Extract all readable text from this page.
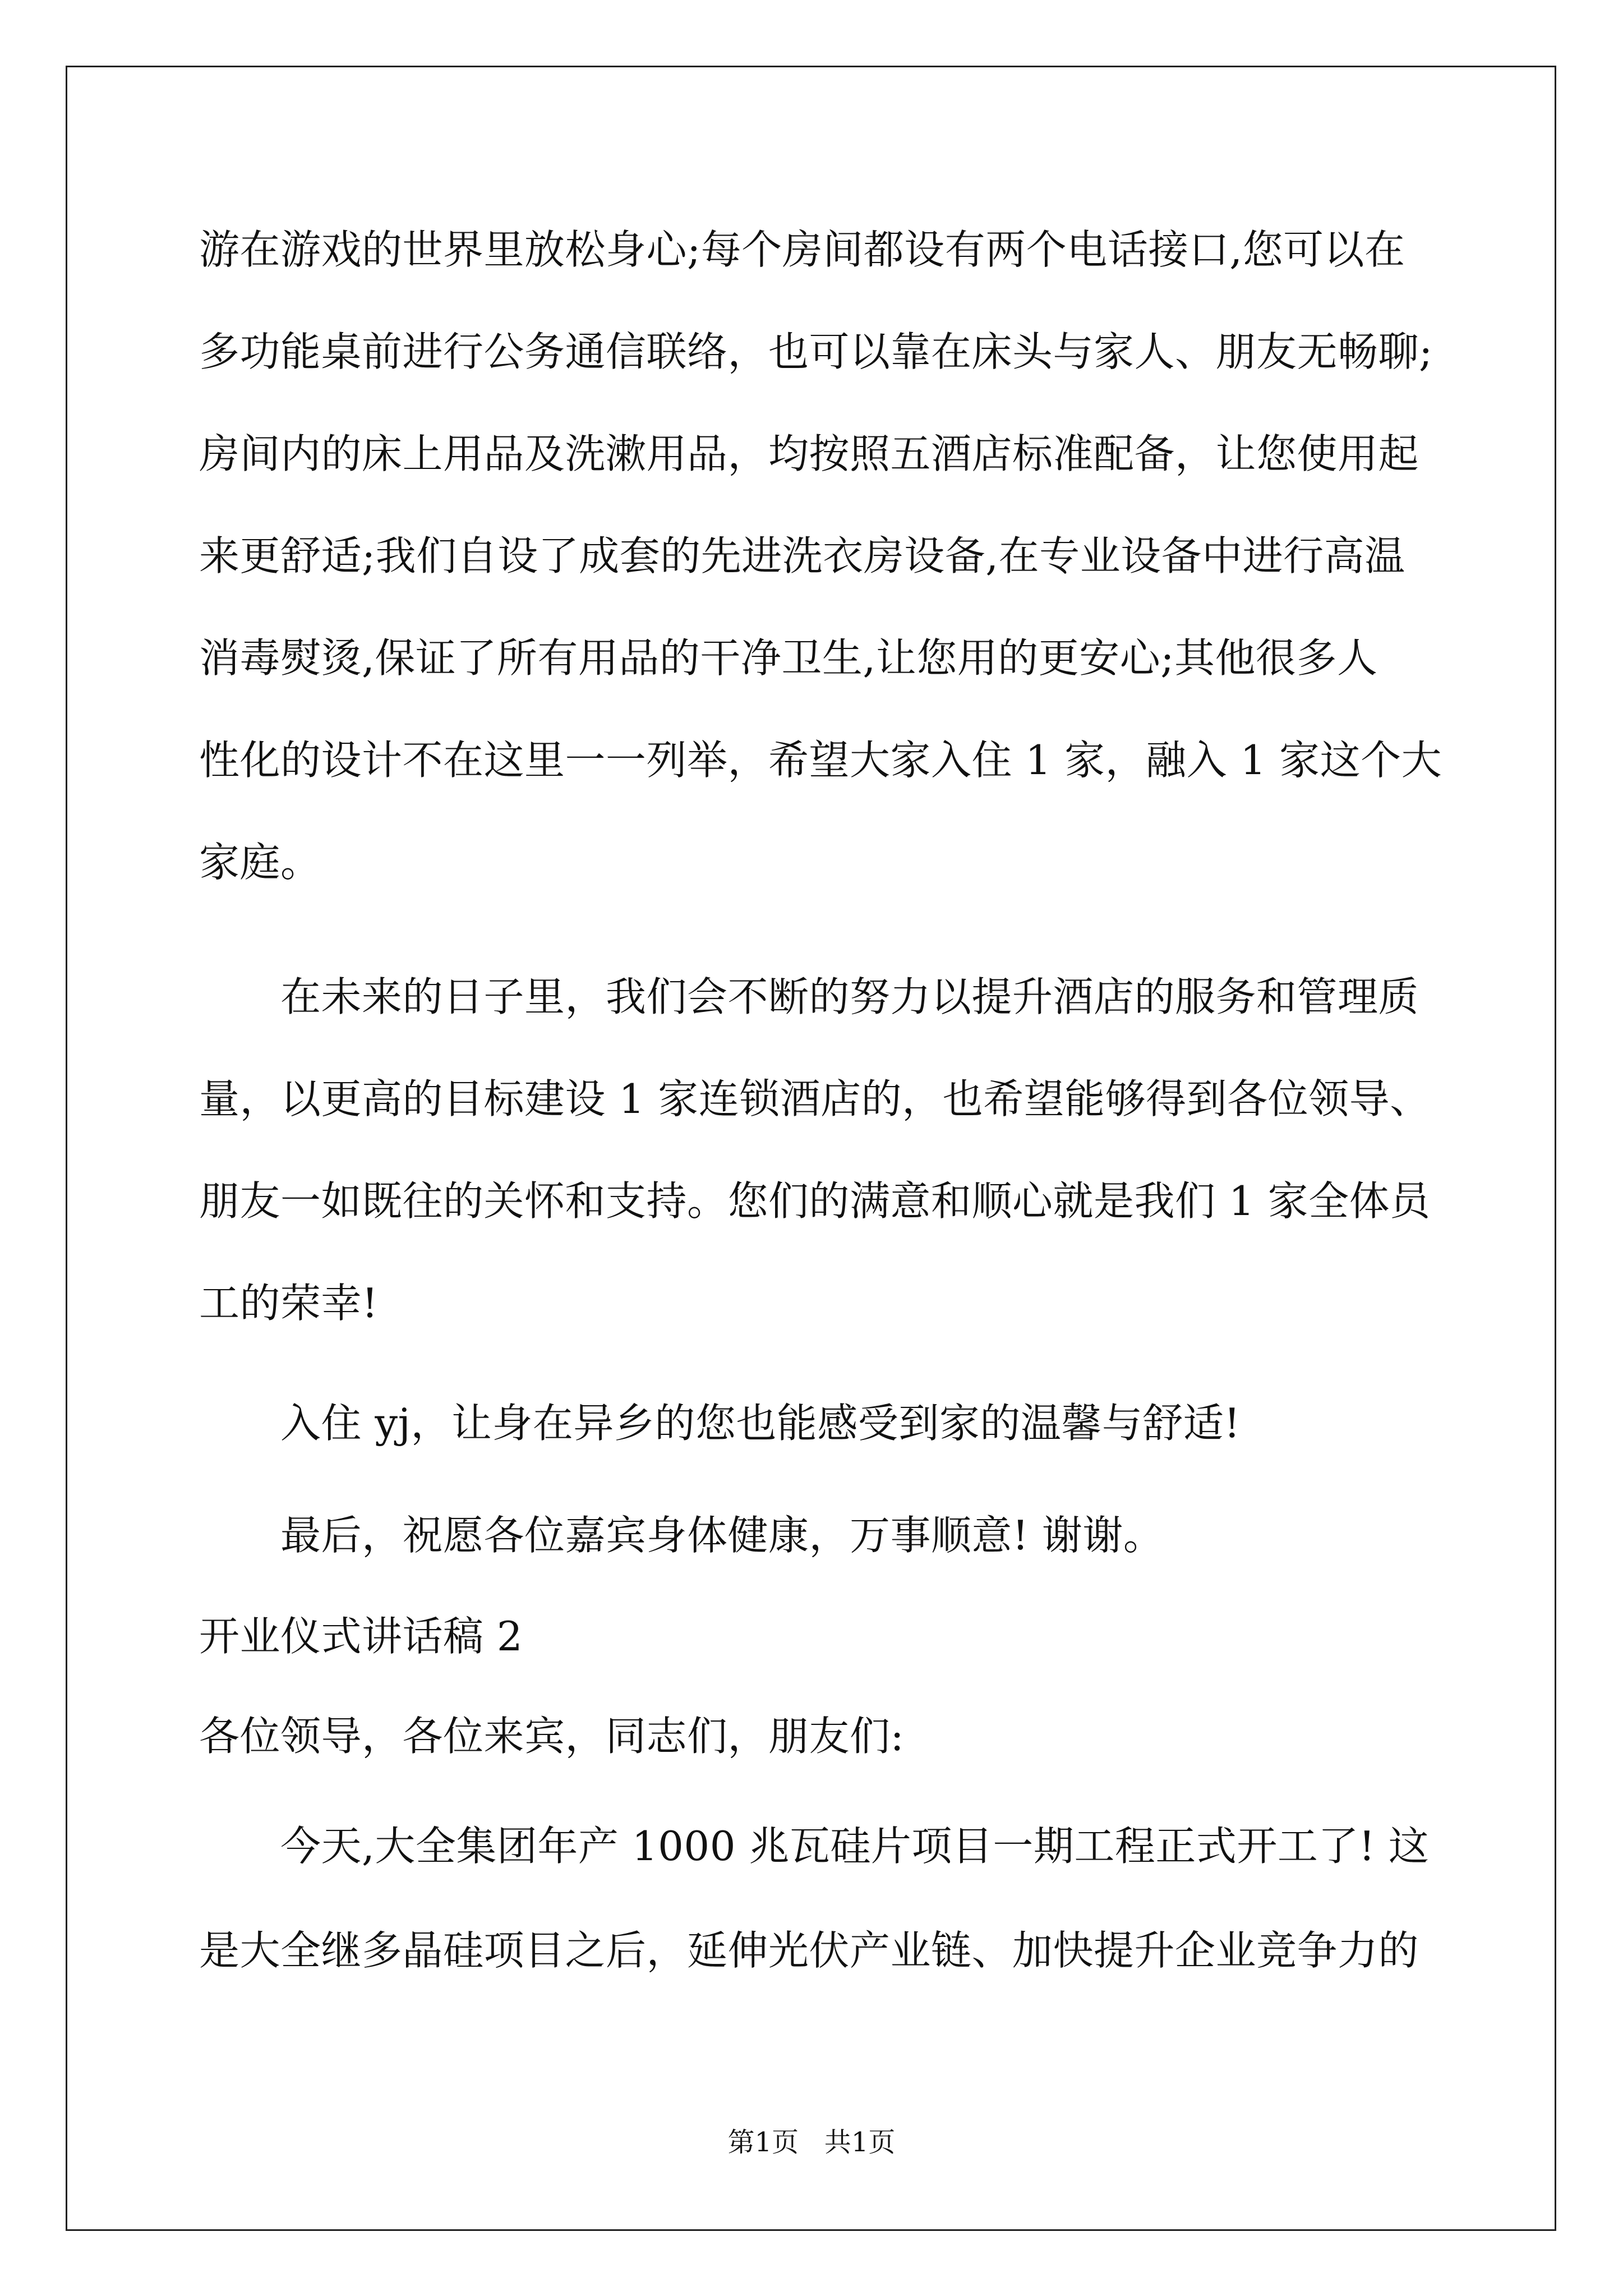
游在游戏的世界里放松身心;每个房间都设有两个电话接口,您可以在
多功能桌前进行公务通信联络，也可以靠在床头与家人、朋友无畅聊;
房间内的床上用品及洗漱用品，均按照五酒店标准配备，让您使用起
来更舒适;我们自设了成套的先进洗衣房设备,在专业设备中进行高温
消毒熨烫,保证了所有用品的干净卫生,让您用的更安心;其他很多人
性化的设计不在这里一一列举，希望大家入住 1 家，融入 1 家这个大
家庭。
在未来的日子里，我们会不断的努力以提升酒店的服务和管理质
量，以更高的目标建设 1 家连锁酒店的，也希望能够得到各位领导、
朋友一如既往的关怀和支持。您们的满意和顺心就是我们 1 家全体员
工的荣幸!
入住 yj，让身在异乡的您也能感受到家的温馨与舒适!
最后，祝愿各位嘉宾身体健康，万事顺意! 谢谢。
开业仪式讲话稿 2
各位领导，各位来宾，同志们，朋友们:
今天,大全集团年产 1000 兆瓦硅片项目一期工程正式开工了! 这
是大全继多晶硅项目之后，延伸光伏产业链、加快提升企业竞争力的
第1页   共1页
